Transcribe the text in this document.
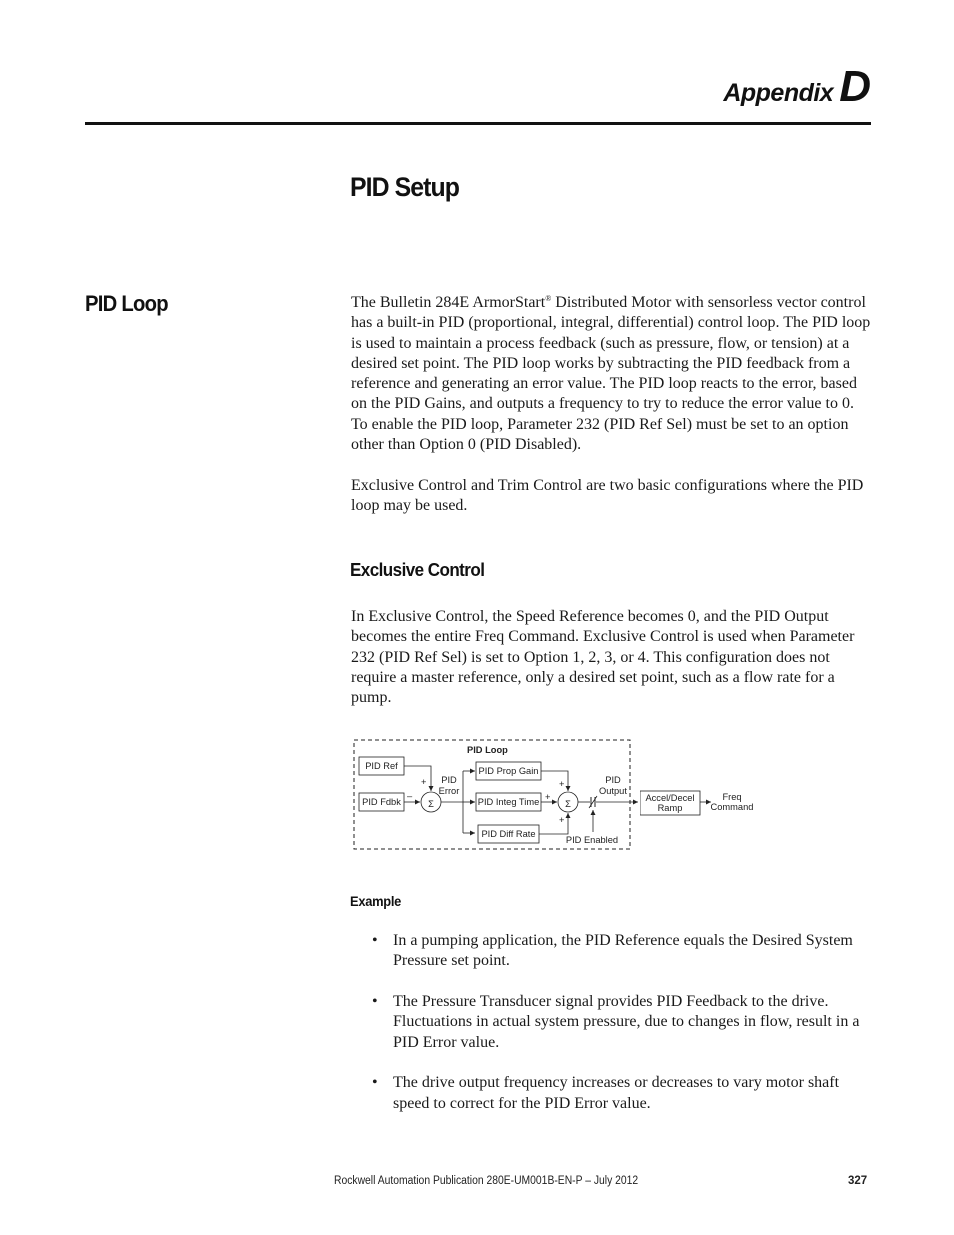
Appendix D
PID Setup
PID Loop	The Bulletin 284E ArmorStart® Distributed Motor with sensorless vector control has a built-in PID (proportional, integral, differential) control loop. The PID loop is used to maintain a process feedback (such as pressure, flow, or tension) at a desired set point. The PID loop works by subtracting the PID feedback from a reference and generating an error value. The PID loop reacts to the error, based on the PID Gains, and outputs a frequency to try to reduce the error value to 0. To enable the PID loop, Parameter 232 (PID Ref Sel) must be set to an option other than Option 0 (PID Disabled).
Exclusive Control and Trim Control are two basic configurations where the PID loop may be used.
Exclusive Control
In Exclusive Control, the Speed Reference becomes 0, and the PID Output becomes the entire Freq Command. Exclusive Control is used when Parameter 232 (PID Ref Sel) is set to Option 1, 2, 3, or 4. This configuration does not require a master reference, only a desired set point, such as a flow rate for a pump.
PID Loop
PID Ref
PID Fdbk
+
–
Σ
PID
Error
PID Prop Gain
PID Integ Time
PID Diff Rate
+
+
+
Σ
PID Enabled
PID
Output
Accel/Decel
Ramp
Freq
Command
Example
• In a pumping application, the PID Reference equals the Desired System Pressure set point.
• The Pressure Transducer signal provides PID Feedback to the drive. Fluctuations in actual system pressure, due to changes in flow, result in a PID Error value.
• The drive output frequency increases or decreases to vary motor shaft speed to correct for the PID Error value.
Rockwell Automation Publication 280E-UM001B-EN-P – July 2012	327
